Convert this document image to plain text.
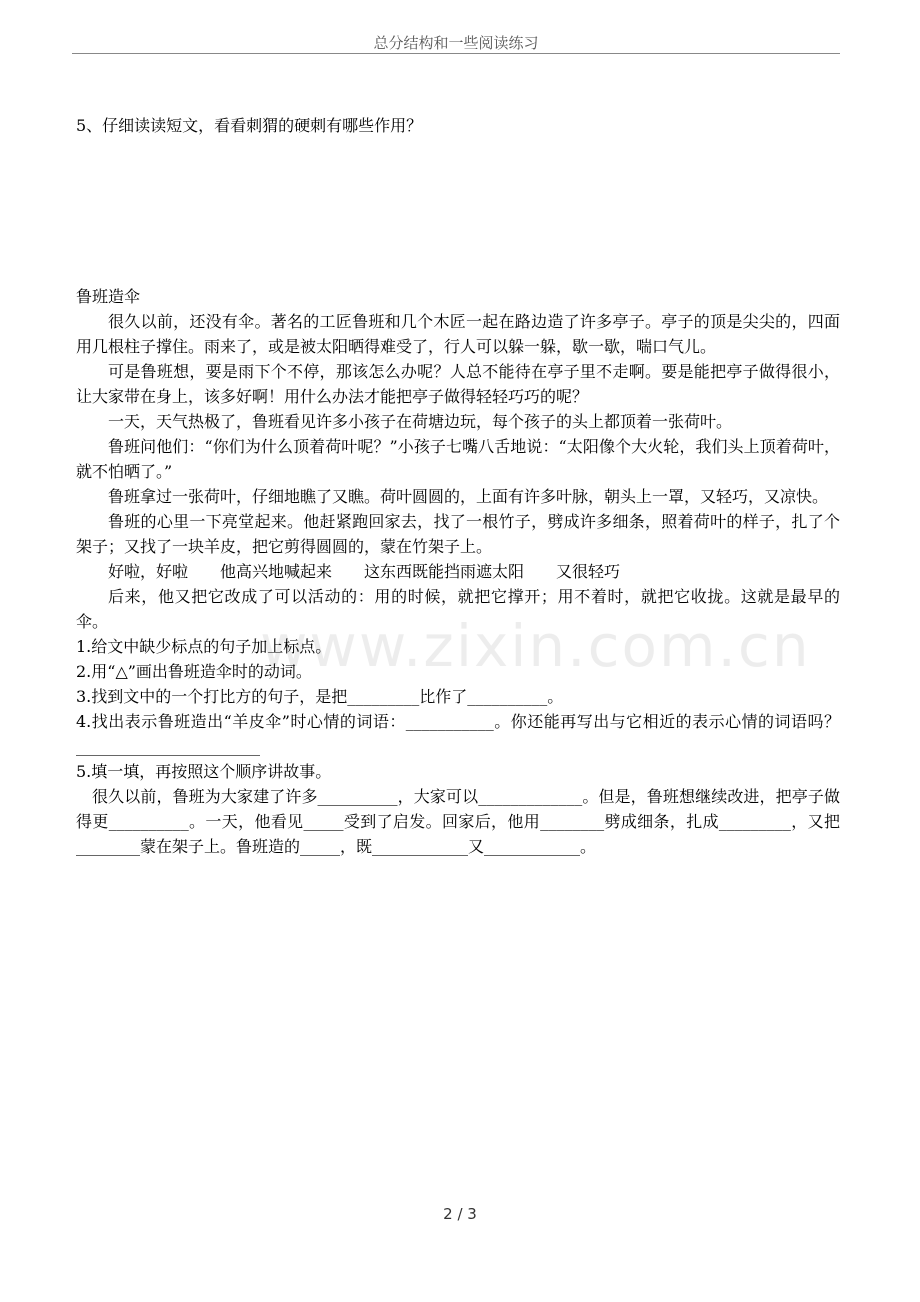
总分结构和一些阅读练习
www.zixin.com.cn

5、仔细读读短文，看看刺猬的硬刺有哪些作用？

鲁班造伞

很久以前，还没有伞。著名的工匠鲁班和几个木匠一起在路边造了许多亭子。亭子的顶是尖尖的，四面用几根柱子撑住。雨来了，或是被太阳晒得难受了，行人可以躲一躲，歇一歇，喘口气儿。

可是鲁班想，要是雨下个不停，那该怎么办呢？人总不能待在亭子里不走啊。要是能把亭子做得很小，让大家带在身上，该多好啊！用什么办法才能把亭子做得轻轻巧巧的呢？

一天，天气热极了，鲁班看见许多小孩子在荷塘边玩，每个孩子的头上都顶着一张荷叶。

鲁班问他们：“你们为什么顶着荷叶呢？”小孩子七嘴八舌地说：“太阳像个大火轮，我们头上顶着荷叶，就不怕晒了。”

鲁班拿过一张荷叶，仔细地瞧了又瞧。荷叶圆圆的，上面有许多叶脉，朝头上一罩，又轻巧，又凉快。

鲁班的心里一下亮堂起来。他赶紧跑回家去，找了一根竹子，劈成许多细条，照着荷叶的样子，扎了个架子；又找了一块羊皮，把它剪得圆圆的，蒙在竹架子上。

好啦，好啦　　他高兴地喊起来　　这东西既能挡雨遮太阳　　又很轻巧

后来，他又把它改成了可以活动的：用的时候，就把它撑开；用不着时，就把它收拢。这就是最早的伞。

1.给文中缺少标点的句子加上标点。

2.用“△”画出鲁班造伞时的动词。

3.找到文中的一个打比方的句子，是把_________比作了__________。

4.找出表示鲁班造出“羊皮伞”时心情的词语：___________。你还能再写出与它相近的表示心情的词语吗？_______________________

5.填一填，再按照这个顺序讲故事。

很久以前，鲁班为大家建了许多__________，大家可以_____________。但是，鲁班想继续改进，把亭子做得更__________。一天，他看见_____受到了启发。回家后，他用________劈成细条，扎成_________，又把________蒙在架子上。鲁班造的_____，既____________又____________。

2 / 3
